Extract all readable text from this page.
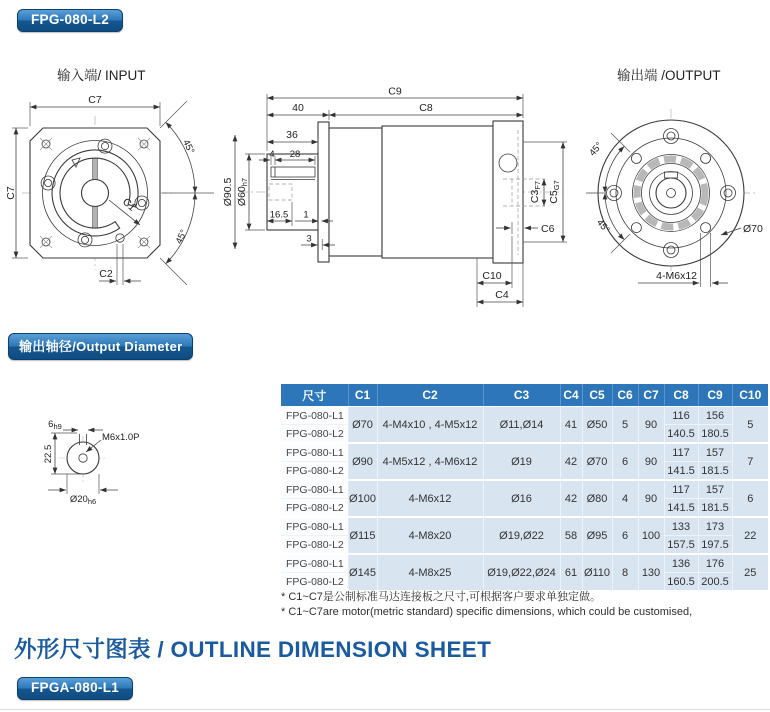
FPG-080-L2
输入端/ INPUT	输出端 /OUTPUT
C7
C7
C1
C2
45°
45°
C9
40	C8
36
4 28
Ø60h7
Ø90.5
16.5 1
3
C3F7
C5G7
C6
C10
C4
45°
45°	Ø70
4-M6x12
输出轴径/Output Diameter
$6_{h9}$
22.5
M6x1.0P
$Ø20_{h6}$
尺寸	C1	C2	C3	C4	C5	C6	C7	C8	C9	C10
FPG-080-L1	Ø70	4-M4x10 , 4-M5x12	Ø11,Ø14	41	Ø50	5	90	116	156	5
FPG-080-L2								140.5	180.5	
FPG-080-L1	Ø90	4-M5x12 , 4-M6x12	Ø19	42	Ø70	6	90	117	157	7
FPG-080-L2								141.5	181.5	
FPG-080-L1	Ø100	4-M6x12	Ø16	42	Ø80	4	90	117	157	6
FPG-080-L2								141.5	181.5	
FPG-080-L1	Ø115	4-M8x20	Ø19,Ø22	58	Ø95	6	100	133	173	22
FPG-080-L2								157.5	197.5	
FPG-080-L1	Ø145	4-M8x25	Ø19,Ø22,Ø24	61	Ø110	8	130	136	176	25
FPG-080-L2								160.5	200.5	
* C1~C7是公制标准马达连接板之尺寸,可根据客户要求单独定做。
* C1~C7are motor(metric standard) specific dimensions, which could be customised,
外形尺寸图表 / OUTLINE DIMENSION SHEET
FPGA-080-L1
